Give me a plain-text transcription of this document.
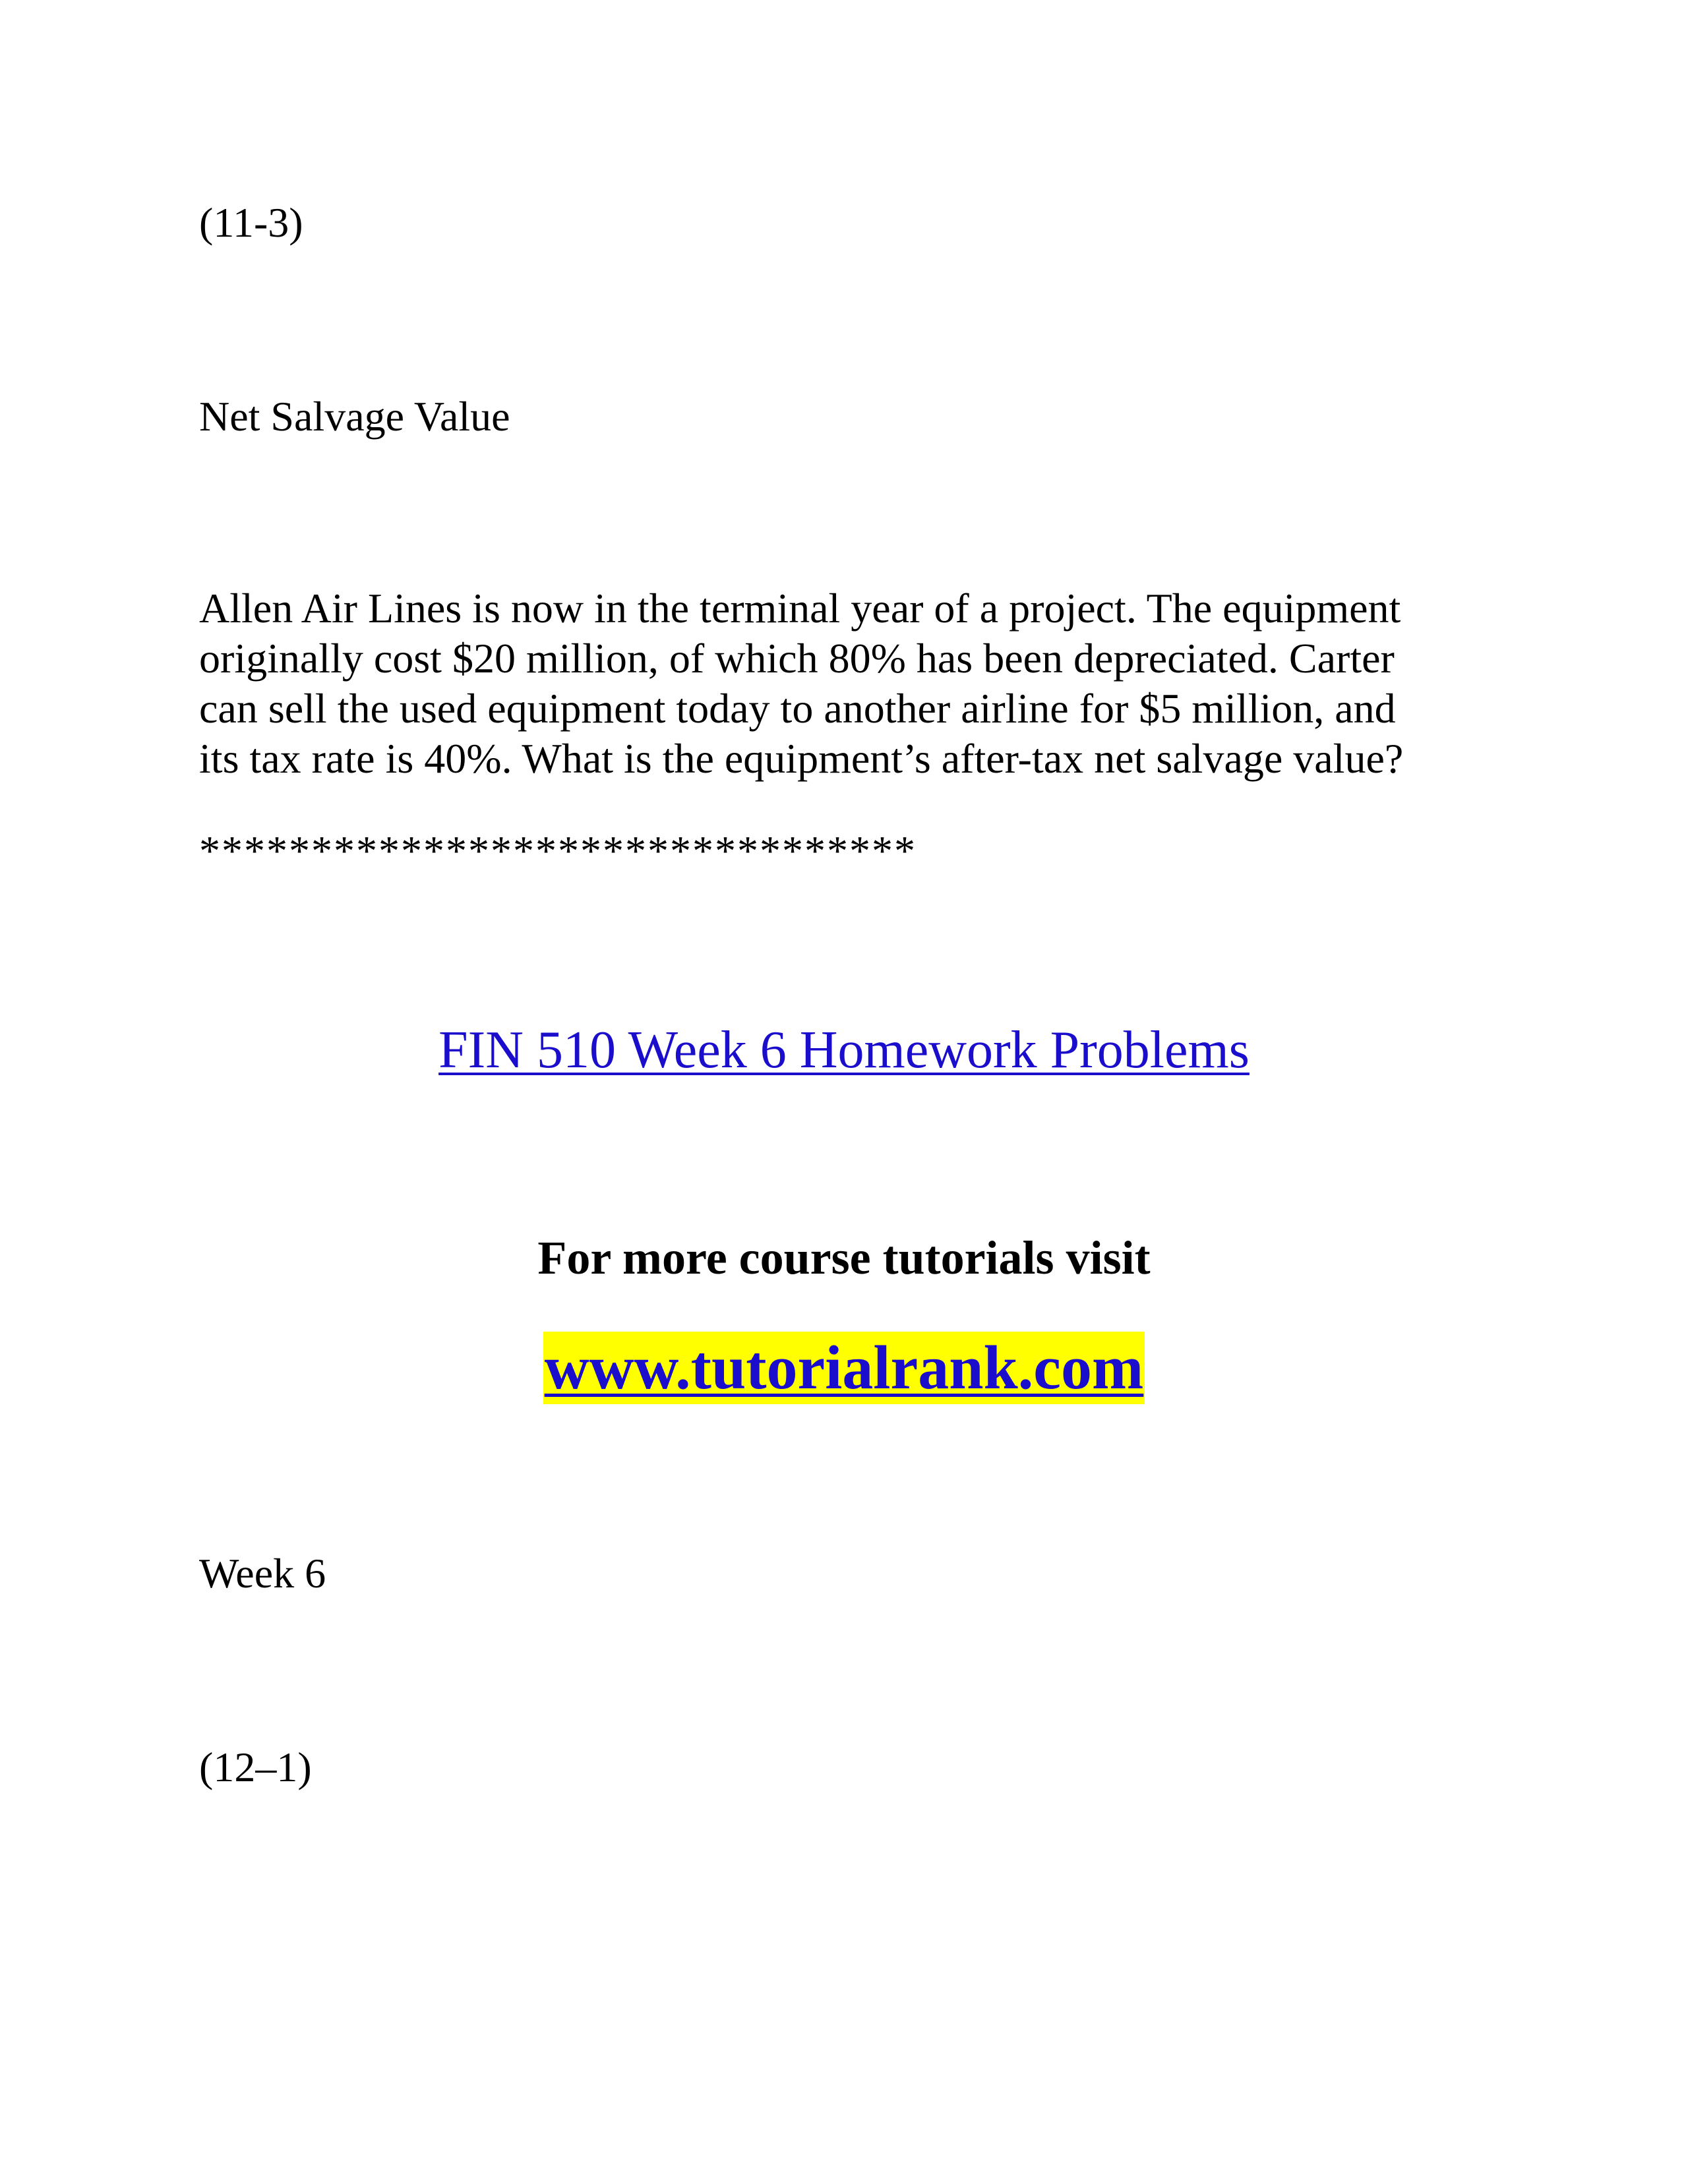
(11-3)

Net Salvage Value

Allen Air Lines is now in the terminal year of a project. The equipment
originally cost $20 million, of which 80% has been depreciated. Carter
can sell the used equipment today to another airline for $5 million, and
its tax rate is 40%. What is the equipment’s after-tax net salvage value?

********************************

FIN 510 Week 6 Homework Problems

For more course tutorials visit

www.tutorialrank.com

Week 6

(12–1)
